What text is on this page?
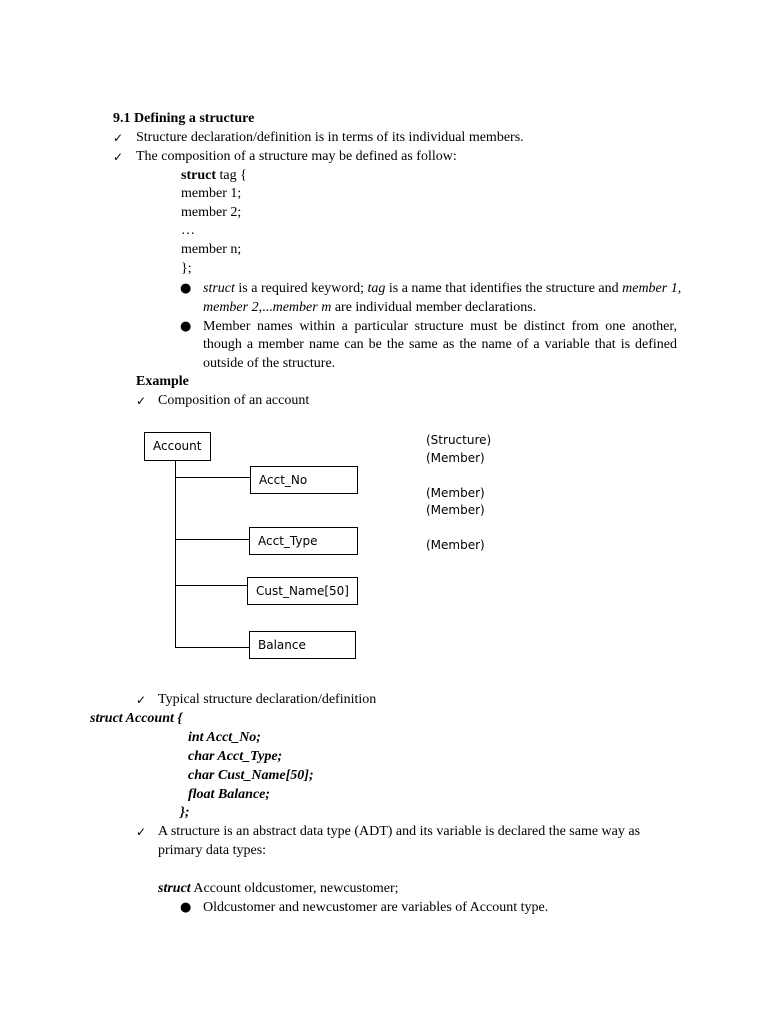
9.1 Defining a structure
✓ Structure declaration/definition is in terms of its individual members.
✓ The composition of a structure may be defined as follow:
struct tag {
member 1;
member 2;
…
member n;
};
● struct is a required keyword; tag is a name that identifies the structure and member 1,
member 2,...member m are individual member declarations.
● Member names within a particular structure must be distinct from one another,
though a member name can be the same as the name of a variable that is defined
outside of the structure.
Example
✓ Composition of an account
Account
Acct_No
Acct_Type
Cust_Name[50]
Balance
(Structure)
(Member)
(Member)
(Member)
(Member)
✓ Typical structure declaration/definition
struct Account {
int Acct_No;
char Acct_Type;
char Cust_Name[50];
float Balance;
};
✓ A structure is an abstract data type (ADT) and its variable is declared the same way as
primary data types:
struct Account oldcustomer, newcustomer;
● Oldcustomer and newcustomer are variables of Account type.
